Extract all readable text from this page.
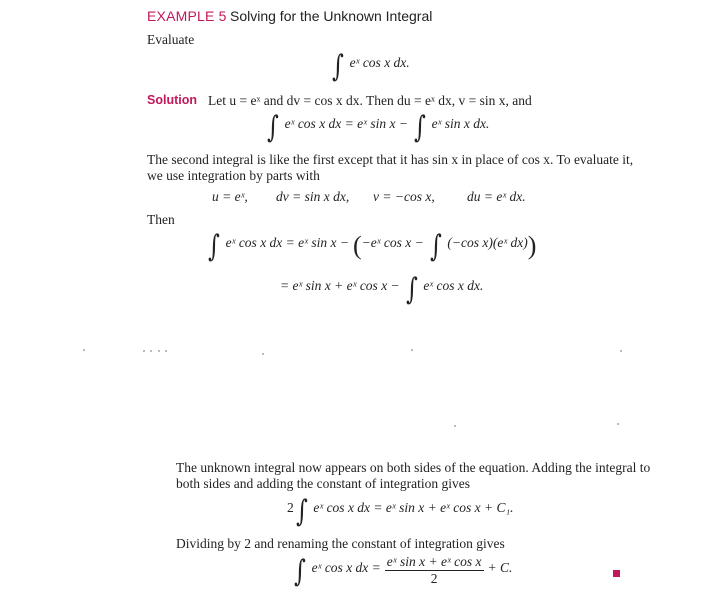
EXAMPLE 5 Solving for the Unknown Integral
Evaluate
∫ $^{eˣ cos x dx.}$
Solution Let u = eˣ and dv = cos x dx. Then du = eˣ dx, v = sin x, and
∫ $^{eˣ cos x dx = eˣ sin x -}$ ∫ $^{eˣ sin x dx.}$
The second integral is like the first except that it has sin x in place of cos x. To evaluate it,
we use integration by parts with
u = eˣ, dv = sin x dx, v = −cos x, du = eˣ dx.
Then
∫ $^{eˣ cos x dx = eˣ sin x -}$ ($^{-eˣ cos x -}$ ∫ $^{(-cos x)(eˣ dx)}$)
$^{= eˣ sin x + eˣ cos x -}$ ∫ $^{eˣ cos x dx.}$
The unknown integral now appears on both sides of the equation. Adding the integral to
both sides and adding the constant of integration gives
$^2$∫ $^{eˣ cos x dx = eˣ sin x + eˣ cos x + C_1.}$
Dividing by 2 and renaming the constant of integration gives
∫ $^{eˣ cos x dx =} \frac{\text{eˣ sin x + eˣ cos x}}{2} ^{+ C.}$
